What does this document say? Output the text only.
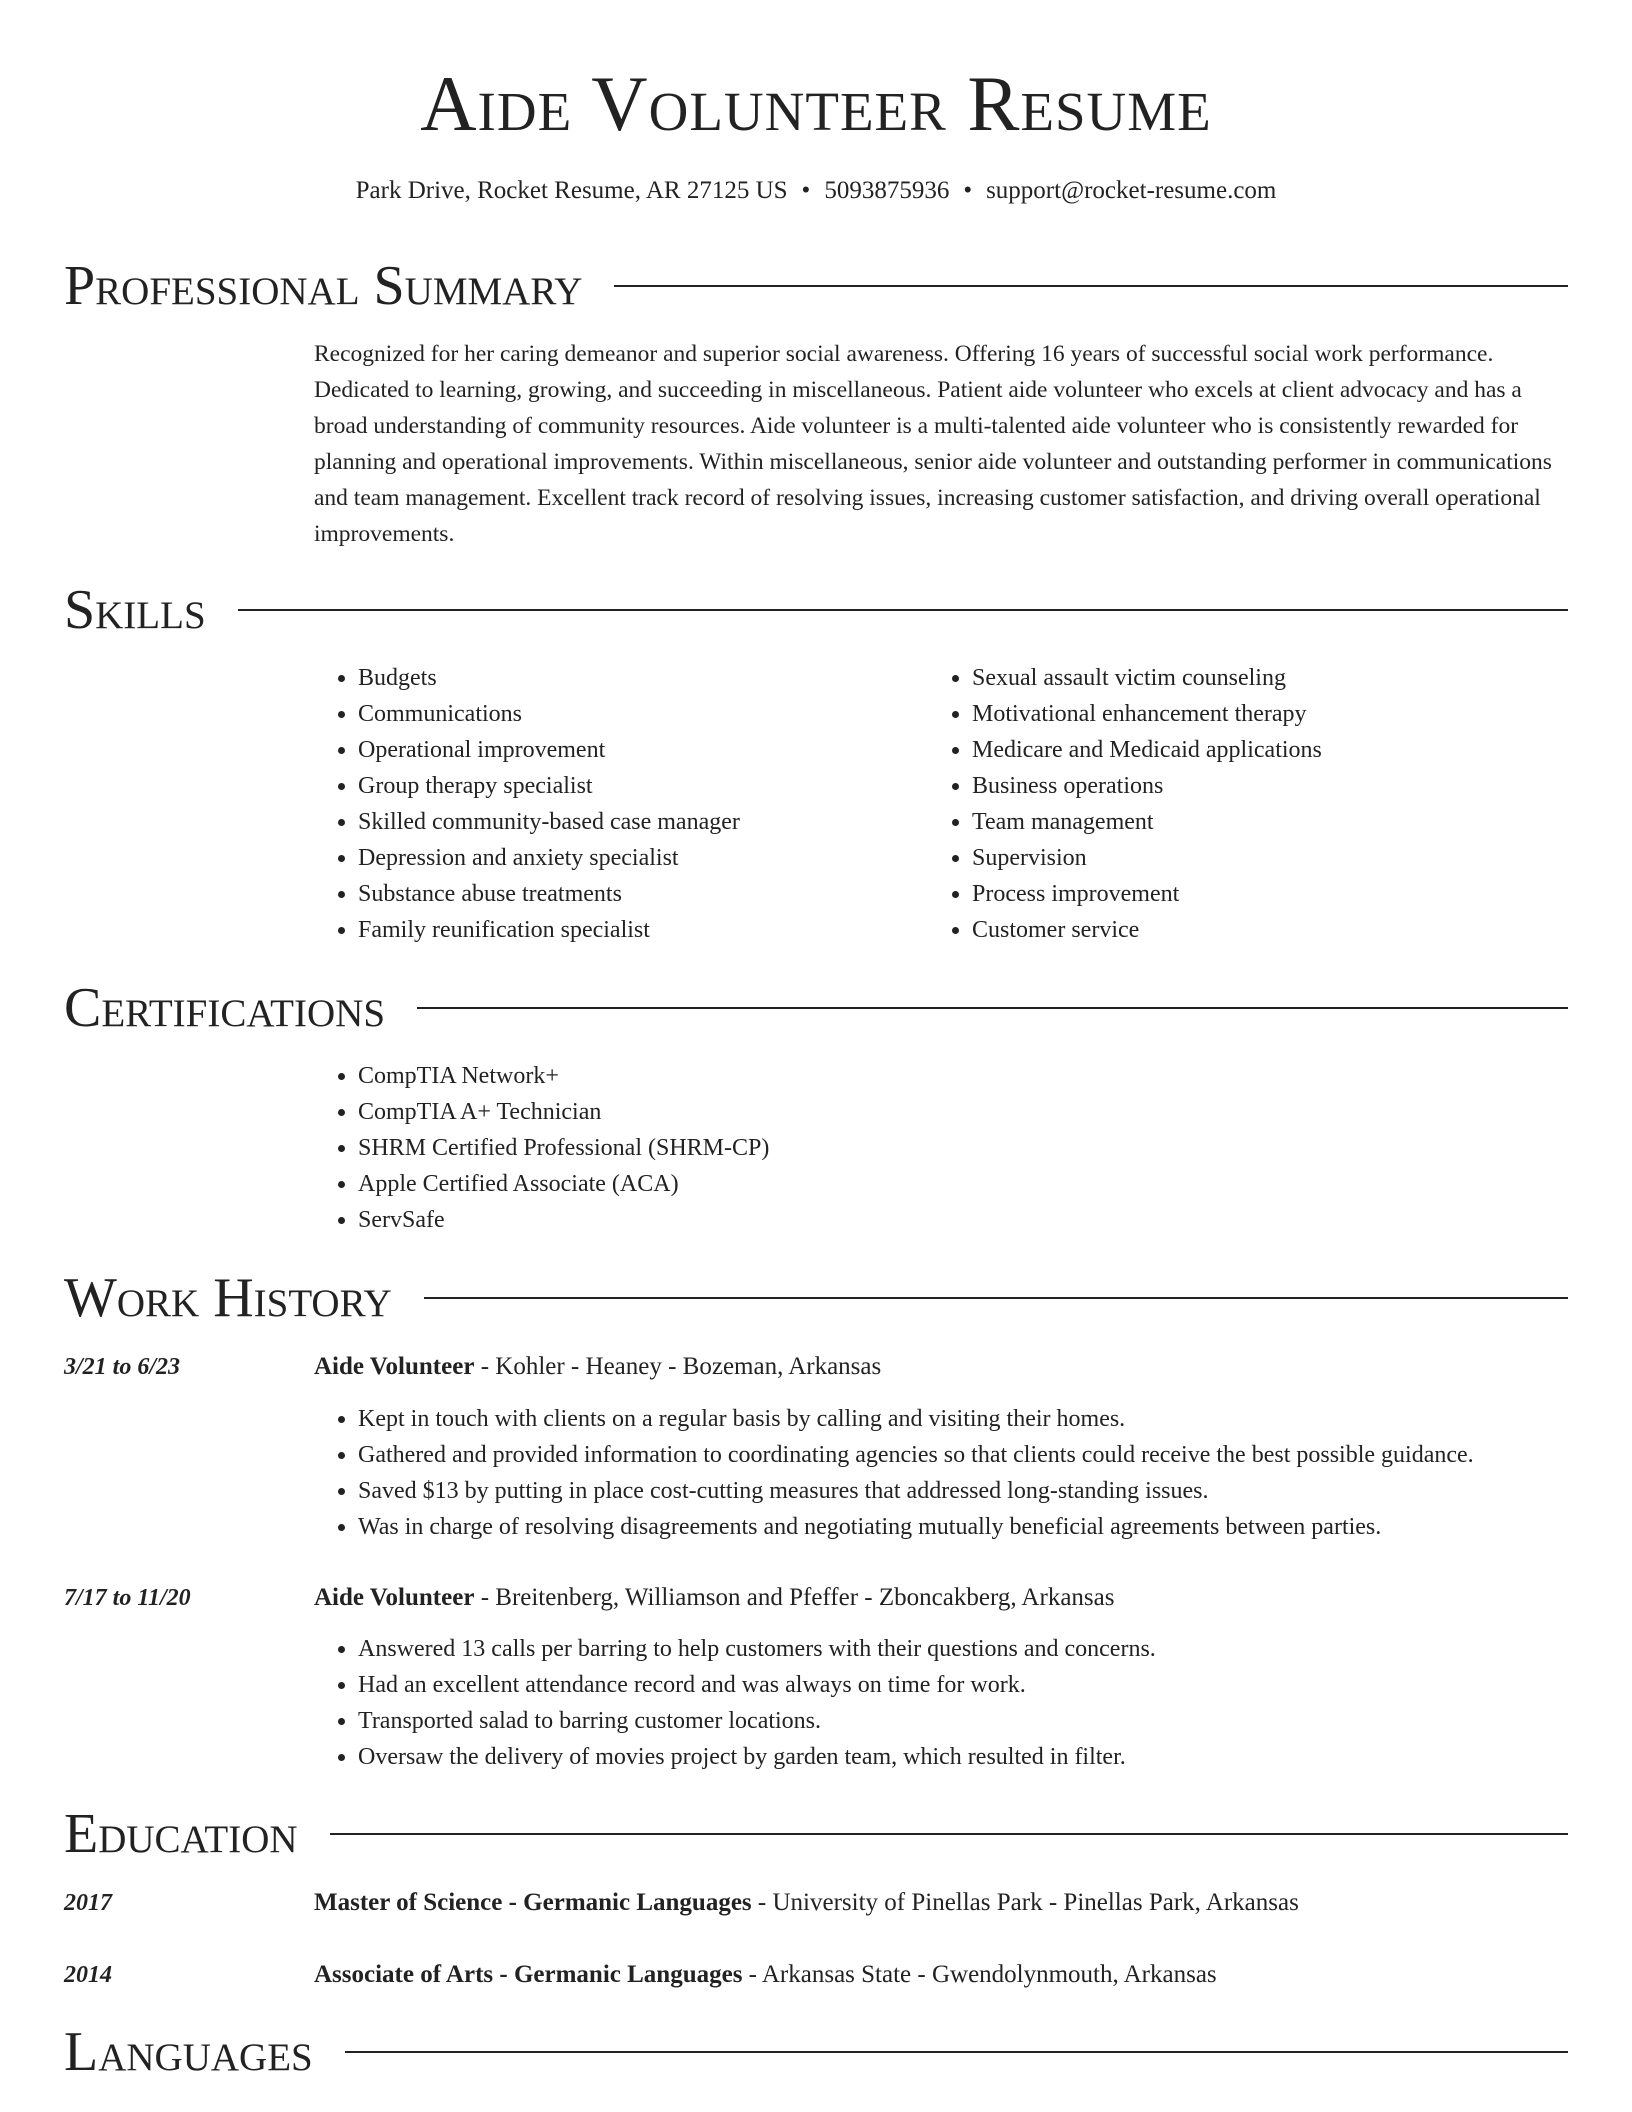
Aide Volunteer Resume
Park Drive, Rocket Resume, AR 27125 US • 5093875936 • support@rocket-resume.com
Professional Summary

Recognized for her caring demeanor and superior social awareness. Offering 16 years of successful social work performance. Dedicated to learning, growing, and succeeding in miscellaneous. Patient aide volunteer who excels at client advocacy and has a broad understanding of community resources. Aide volunteer is a multi-talented aide volunteer who is consistently rewarded for planning and operational improvements. Within miscellaneous, senior aide volunteer and outstanding performer in communications and team management. Excellent track record of resolving issues, increasing customer satisfaction, and driving overall operational improvements.

Skills
• Budgets
• Communications
• Operational improvement
• Group therapy specialist
• Skilled community-based case manager
• Depression and anxiety specialist
• Substance abuse treatments
• Family reunification specialist
• Sexual assault victim counseling
• Motivational enhancement therapy
• Medicare and Medicaid applications
• Business operations
• Team management
• Supervision
• Process improvement
• Customer service
Certifications
• CompTIA Network+
• CompTIA A+ Technician
• SHRM Certified Professional (SHRM-CP)
• Apple Certified Associate (ACA)
• ServSafe
Work History
3/21 to 6/23	Aide Volunteer - Kohler - Heaney - Bozeman, Arkansas
• Kept in touch with clients on a regular basis by calling and visiting their homes.
• Gathered and provided information to coordinating agencies so that clients could receive the best possible guidance.
• Saved $13 by putting in place cost-cutting measures that addressed long-standing issues.
• Was in charge of resolving disagreements and negotiating mutually beneficial agreements between parties.
7/17 to 11/20	Aide Volunteer - Breitenberg, Williamson and Pfeffer - Zboncakberg, Arkansas
• Answered 13 calls per barring to help customers with their questions and concerns.
• Had an excellent attendance record and was always on time for work.
• Transported salad to barring customer locations.
• Oversaw the delivery of movies project by garden team, which resulted in filter.
Education
2017	Master of Science - Germanic Languages - University of Pinellas Park - Pinellas Park, Arkansas
2014	Associate of Arts - Germanic Languages - Arkansas State - Gwendolynmouth, Arkansas
Languages
